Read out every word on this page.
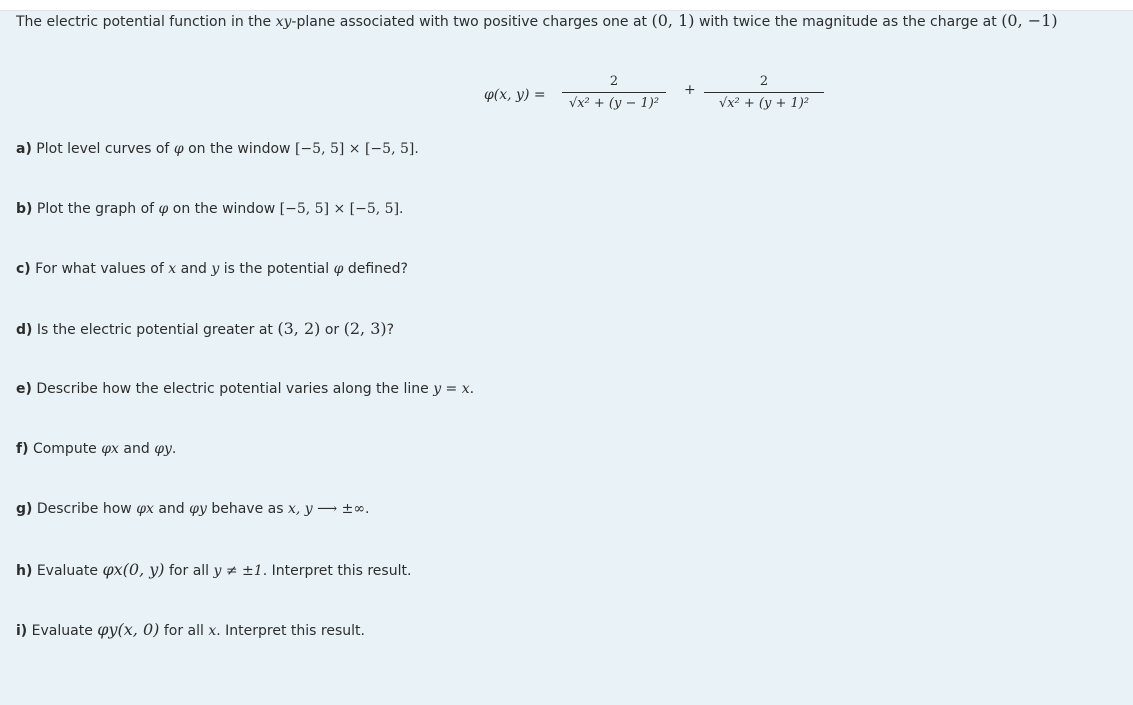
The electric potential function in the xy-plane associated with two positive charges one at (0, 1) with twice the magnitude as the charge at (0, −1)
φ(x, y) =
2
√x² + (y − 1)²
+
2
√x² + (y + 1)²
a) Plot level curves of φ on the window [−5, 5] × [−5, 5].
b) Plot the graph of φ on the window [−5, 5] × [−5, 5].
c) For what values of x and y is the potential φ defined?
d) Is the electric potential greater at (3, 2) or (2, 3)?
e) Describe how the electric potential varies along the line y = x.
f) Compute φx and φy.
g) Describe how φx and φy behave as x, y ⟶ ±∞.
h) Evaluate φx(0, y) for all y ≠ ±1. Interpret this result.
i) Evaluate φy(x, 0) for all x. Interpret this result.
